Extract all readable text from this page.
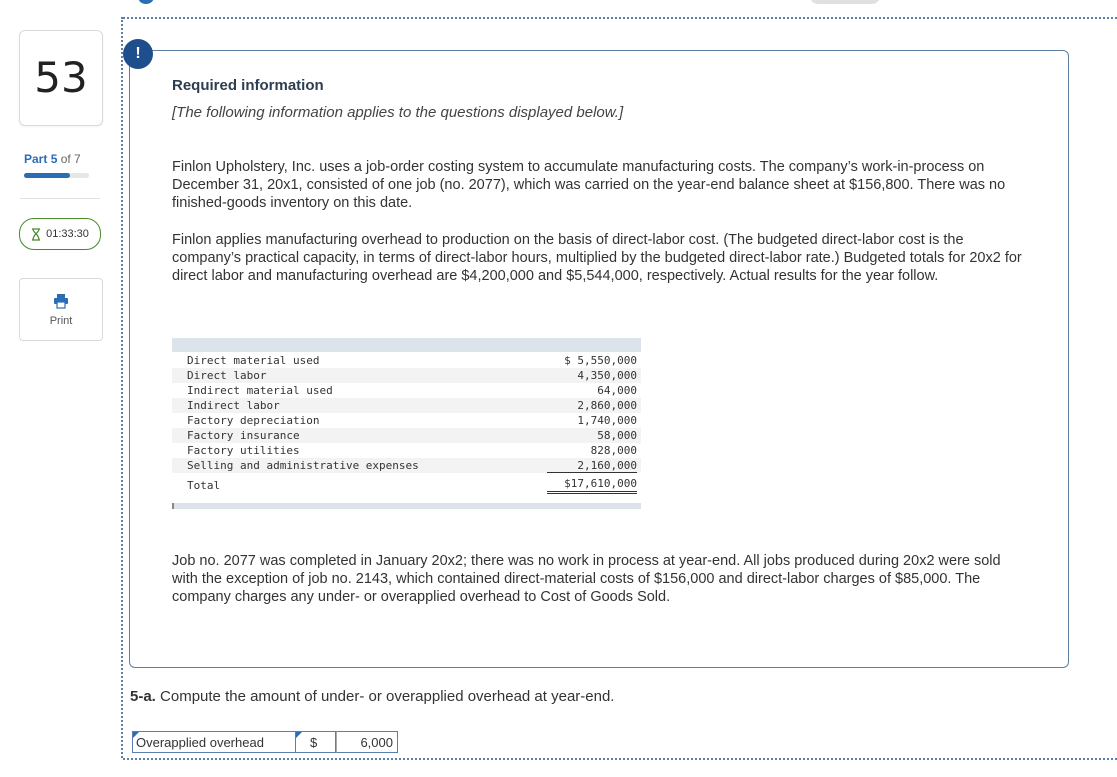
53
Part 5 of 7
01:33:30
Print
!
Required information
[The following information applies to the questions displayed below.]
Finlon Upholstery, Inc. uses a job-order costing system to accumulate manufacturing costs. The company’s work-in-process on December 31, 20x1, consisted of one job (no. 2077), which was carried on the year-end balance sheet at $156,800. There was no finished-goods inventory on this date.
Finlon applies manufacturing overhead to production on the basis of direct-labor cost. (The budgeted direct-labor cost is the company’s practical capacity, in terms of direct-labor hours, multiplied by the budgeted direct-labor rate.) Budgeted totals for 20x2 for direct labor and manufacturing overhead are $4,200,000 and $5,544,000, respectively. Actual results for the year follow.
Direct material used	$ 5,550,000
Direct labor	4,350,000
Indirect material used	64,000
Indirect labor	2,860,000
Factory depreciation	1,740,000
Factory insurance	58,000
Factory utilities	828,000
Selling and administrative expenses	2,160,000
Total	$17,610,000
Job no. 2077 was completed in January 20x2; there was no work in process at year-end. All jobs produced during 20x2 were sold with the exception of job no. 2143, which contained direct-material costs of $156,000 and direct-labor charges of $85,000. The company charges any under- or overapplied overhead to Cost of Goods Sold.
5-a. Compute the amount of under- or overapplied overhead at year-end.
Overapplied overhead	$	6,000
